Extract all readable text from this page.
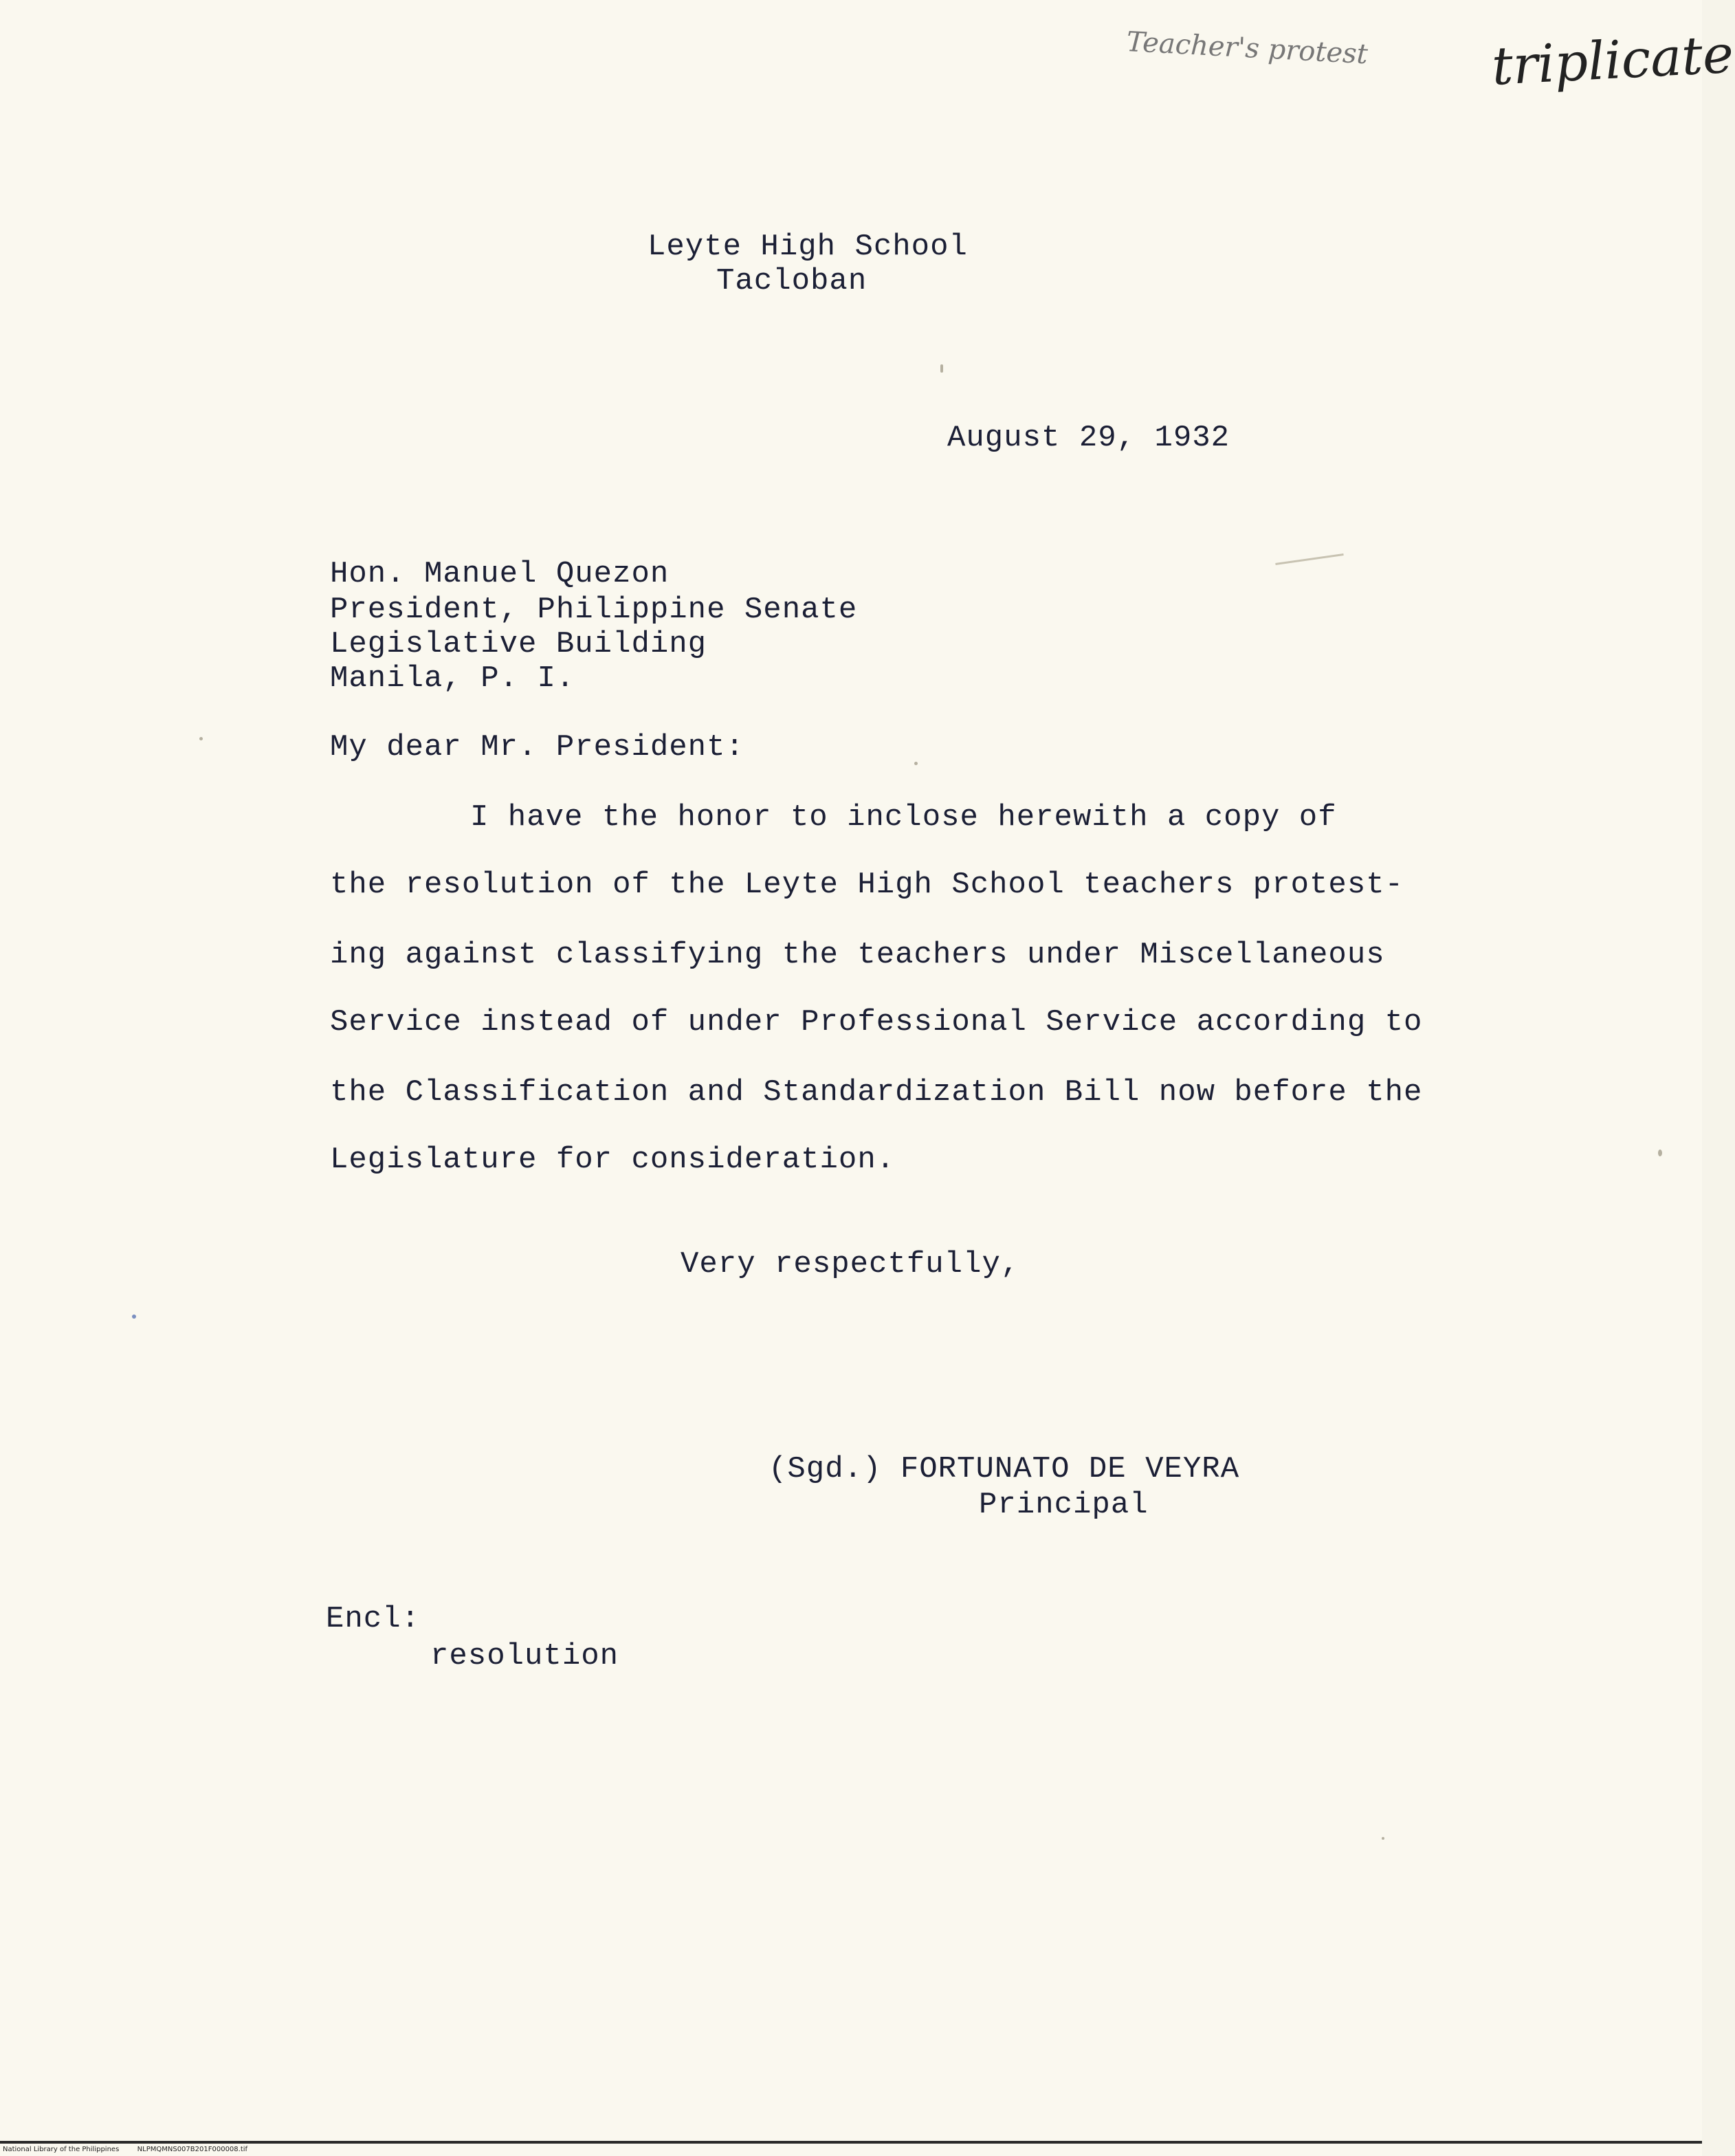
Teacher's protest triplicate

Leyte High School

Tacloban

August 29, 1932

Hon. Manuel Quezon

President, Philippine Senate

Legislative Building

Manila, P. I.

My dear Mr. President:

I have the honor to inclose herewith a copy of

the resolution of the Leyte High School teachers protest-

ing against classifying the teachers under Miscellaneous

Service instead of under Professional Service according to

the Classification and Standardization Bill now before the

Legislature for consideration.

Very respectfully,

(Sgd.) FORTUNATO DE VEYRA

Principal

Encl:

resolution

National Library of the Philippines	NLPMQMNS007B201F000008.tif
